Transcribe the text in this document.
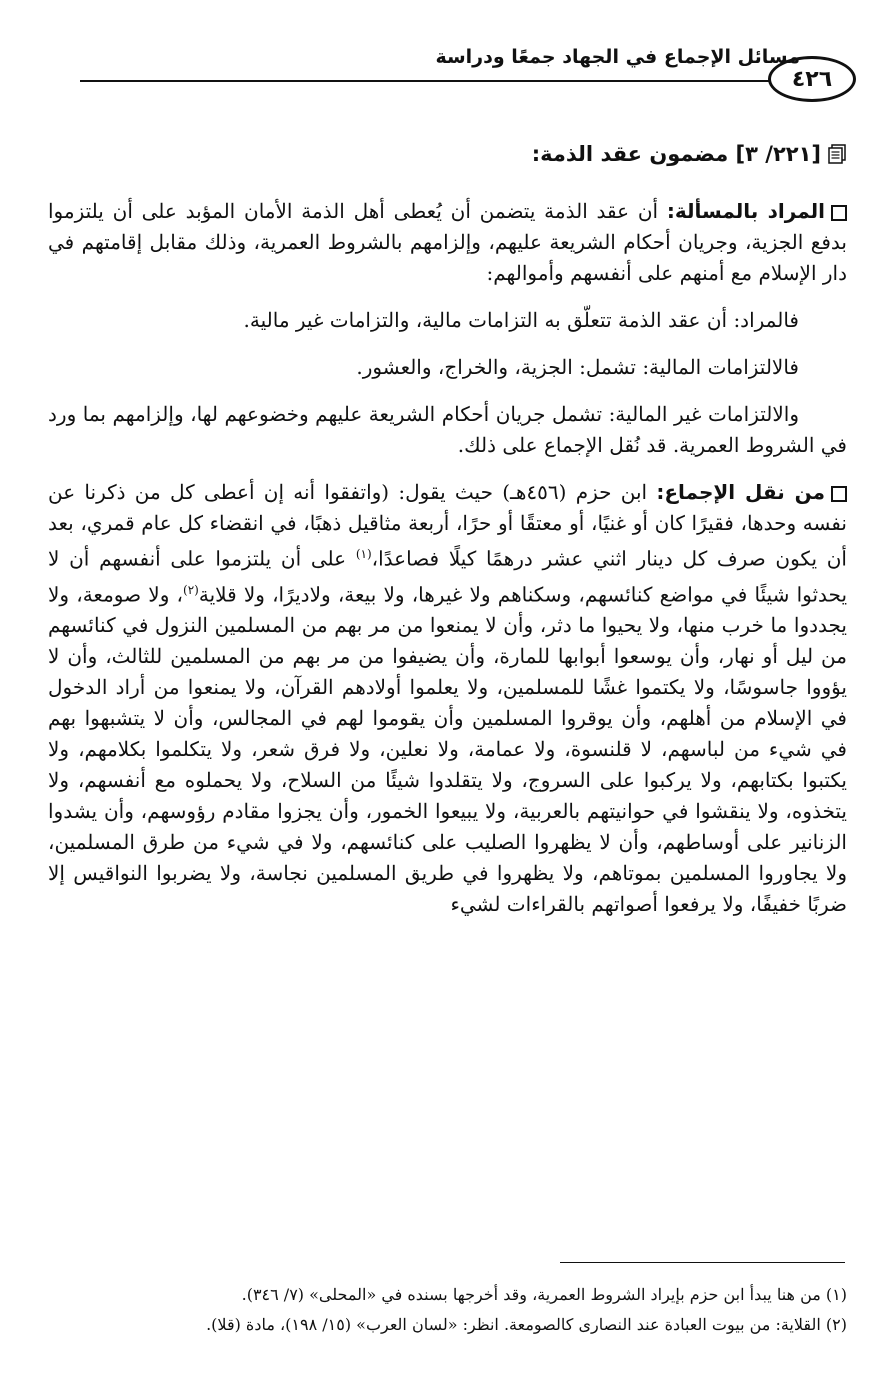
مسائل الإجماع في الجهاد جمعًا ودراسة
٤٢٦
[٢٢١/ ٣] مضمون عقد الذمة:

المراد بالمسألة: أن عقد الذمة يتضمن أن يُعطى أهل الذمة الأمان المؤبد على أن يلتزموا بدفع الجزية، وجريان أحكام الشريعة عليهم، وإلزامهم بالشروط العمرية، وذلك مقابل إقامتهم في دار الإسلام مع أمنهم على أنفسهم وأموالهم:

فالمراد: أن عقد الذمة تتعلّق به التزامات مالية، والتزامات غير مالية.

فالالتزامات المالية: تشمل: الجزية، والخراج، والعشور.

والالتزامات غير المالية: تشمل جريان أحكام الشريعة عليهم وخضوعهم لها، وإلزامهم بما ورد في الشروط العمرية. قد نُقل الإجماع على ذلك.

من نقل الإجماع: ابن حزم (٤٥٦هـ) حيث يقول: (واتفقوا أنه إن أعطى كل من ذكرنا عن نفسه وحدها، فقيرًا كان أو غنيًا، أو معتقًا أو حرًا، أربعة مثاقيل ذهبًا، في انقضاء كل عام قمري، بعد أن يكون صرف كل دينار اثني عشر درهمًا كيلًا فصاعدًا،$^{(١)}$ على أن يلتزموا على أنفسهم أن لا يحدثوا شيئًا في مواضع كنائسهم، وسكناهم ولا غيرها، ولا بيعة، ولاديرًا، ولا قلاية$^{(٢)}$، ولا صومعة، ولا يجددوا ما خرب منها، ولا يحيوا ما دثر، وأن لا يمنعوا من مر بهم من المسلمين النزول في كنائسهم من ليل أو نهار، وأن يوسعوا أبوابها للمارة، وأن يضيفوا من مر بهم من المسلمين للثالث، وأن لا يؤووا جاسوسًا، ولا يكتموا غشًا للمسلمين، ولا يعلموا أولادهم القرآن، ولا يمنعوا من أراد الدخول في الإسلام من أهلهم، وأن يوقروا المسلمين وأن يقوموا لهم في المجالس، وأن لا يتشبهوا بهم في شيء من لباسهم، لا قلنسوة، ولا عمامة، ولا نعلين، ولا فرق شعر، ولا يتكلموا بكلامهم، ولا يكتبوا بكتابهم، ولا يركبوا على السروج، ولا يتقلدوا شيئًا من السلاح، ولا يحملوه مع أنفسهم، ولا يتخذوه، ولا ينقشوا في حوانيتهم بالعربية، ولا يبيعوا الخمور، وأن يجزوا مقادم رؤوسهم، وأن يشدوا الزنانير على أوساطهم، وأن لا يظهروا الصليب على كنائسهم، ولا في شيء من طرق المسلمين، ولا يجاوروا المسلمين بموتاهم، ولا يظهروا في طريق المسلمين نجاسة، ولا يضربوا النواقيس إلا ضربًا خفيفًا، ولا يرفعوا أصواتهم بالقراءات لشيء

(١) من هنا يبدأ ابن حزم بإيراد الشروط العمرية، وقد أخرجها بسنده في «المحلى» (٧/ ٣٤٦).
(٢) القلاية: من بيوت العبادة عند النصارى كالصومعة. انظر: «لسان العرب» (١٥/ ١٩٨)، مادة (قلا).
